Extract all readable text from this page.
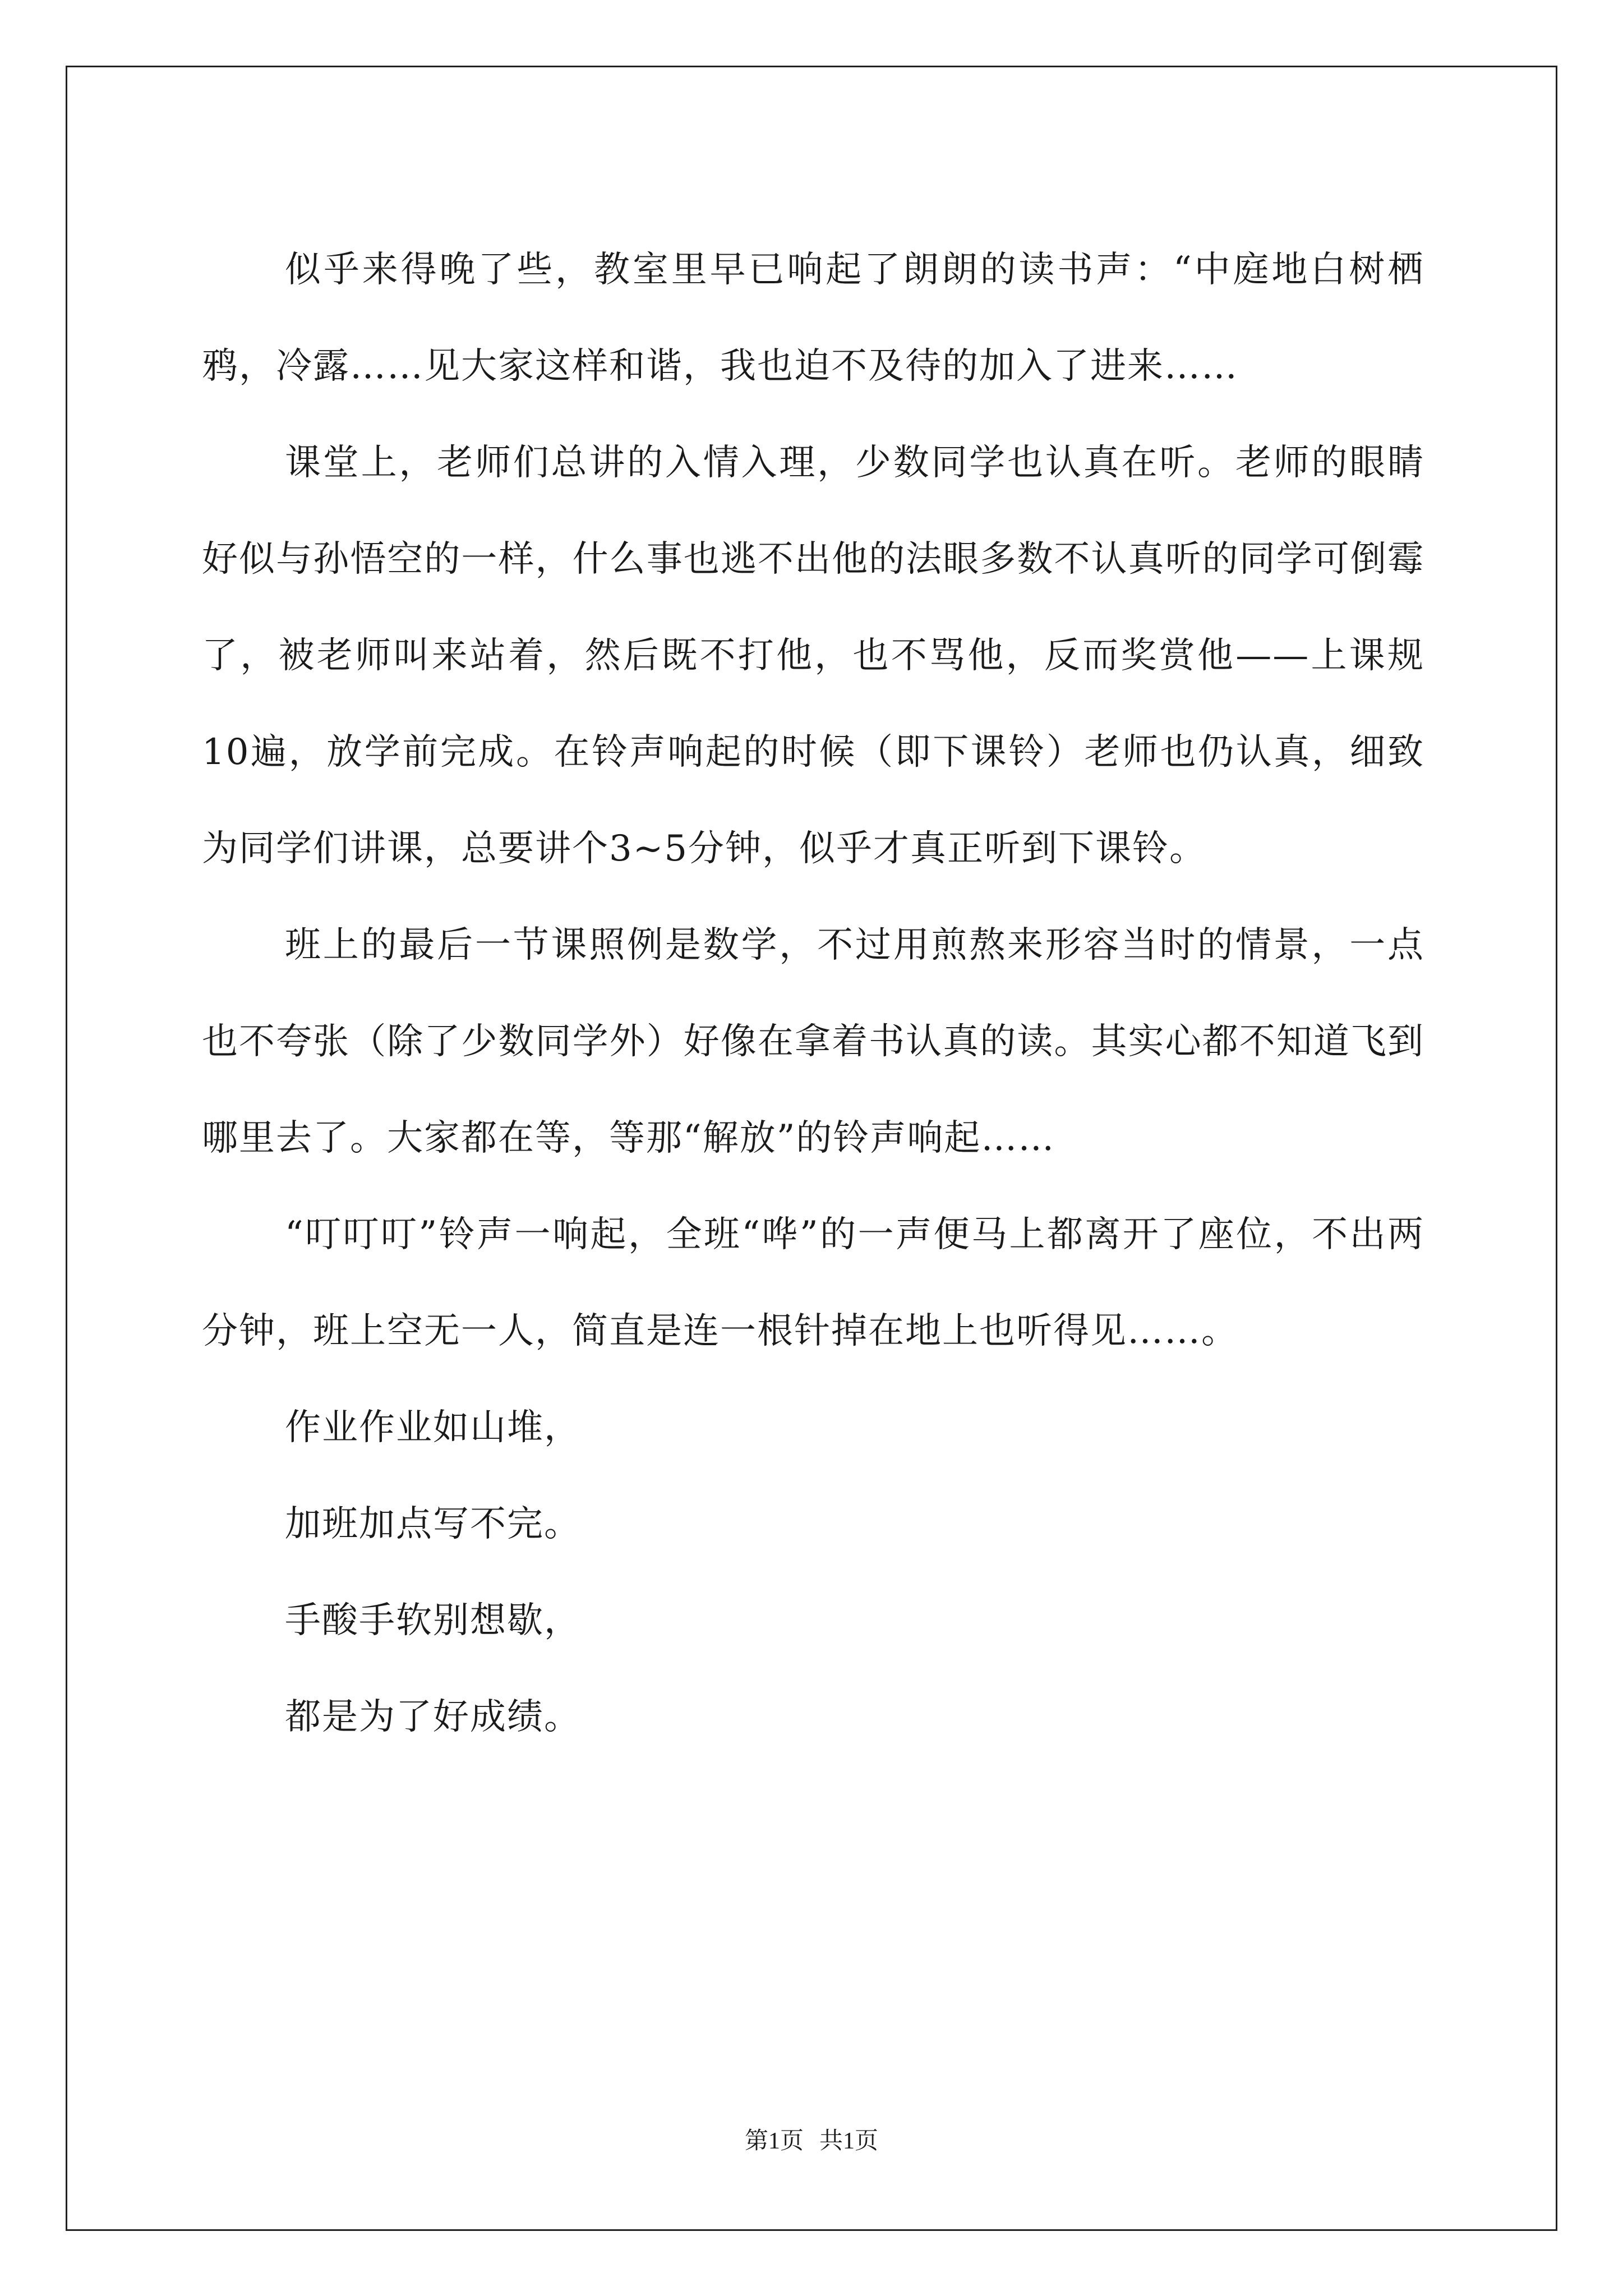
似乎来得晚了些，教室里早已响起了朗朗的读书声：“中庭地白树栖鸦，冷露……见大家这样和谐，我也迫不及待的加入了进来……

课堂上，老师们总讲的入情入理，少数同学也认真在听。老师的眼睛好似与孙悟空的一样，什么事也逃不出他的法眼多数不认真听的同学可倒霉了，被老师叫来站着，然后既不打他，也不骂他，反而奖赏他——上课规10遍，放学前完成。在铃声响起的时候（即下课铃）老师也仍认真，细致为同学们讲课，总要讲个3~5分钟，似乎才真正听到下课铃。

班上的最后一节课照例是数学，不过用煎熬来形容当时的情景，一点也不夸张（除了少数同学外）好像在拿着书认真的读。其实心都不知道飞到哪里去了。大家都在等，等那“解放”的铃声响起……

“叮叮叮”铃声一响起，全班“哗”的一声便马上都离开了座位，不出两分钟，班上空无一人，简直是连一根针掉在地上也听得见……。

作业作业如山堆，

加班加点写不完。

手酸手软别想歇，

都是为了好成绩。

第1页 共1页
